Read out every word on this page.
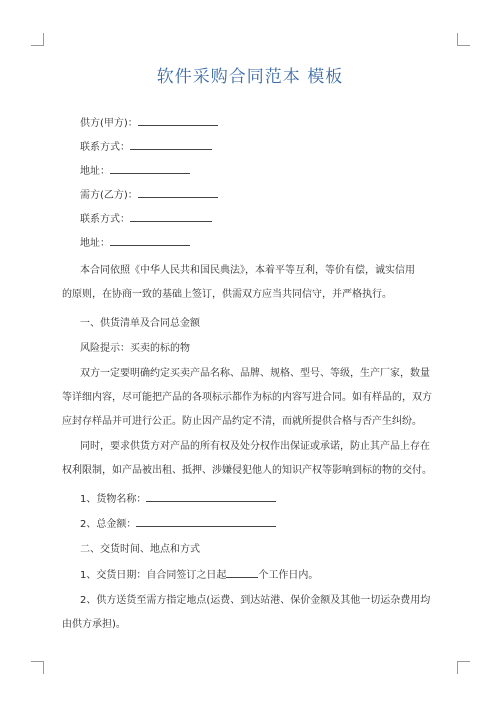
软件采购合同范本 模板
供方(甲方)：
联系方式：
地址：
需方(乙方)：
联系方式：
地址：
本合同依照《中华人民共和国民典法》，本着平等互利，等价有偿，诚实信用
的原则，在协商一致的基础上签订，供需双方应当共同信守，并严格执行。
一、供货清单及合同总金额
风险提示：买卖的标的物
双方一定要明确约定买卖产品名称、品牌、规格、型号、等级，生产厂家，数量
等详细内容，尽可能把产品的各项标示都作为标的内容写进合同。如有样品的，双方
应封存样品并可进行公正。防止因产品约定不清，而就所提供合格与否产生纠纷。
同时，要求供货方对产品的所有权及处分权作出保证或承诺，防止其产品上存在
权利限制，如产品被出租、抵押、涉嫌侵犯他人的知识产权等影响到标的物的交付。
1、货物名称：
2、总金额：
二、交货时间、地点和方式
1、交货日期：自合同签订之日起	个工作日内。
2、供方送货至需方指定地点(运费、到达站港、保价金额及其他一切运杂费用均
由供方承担)。
